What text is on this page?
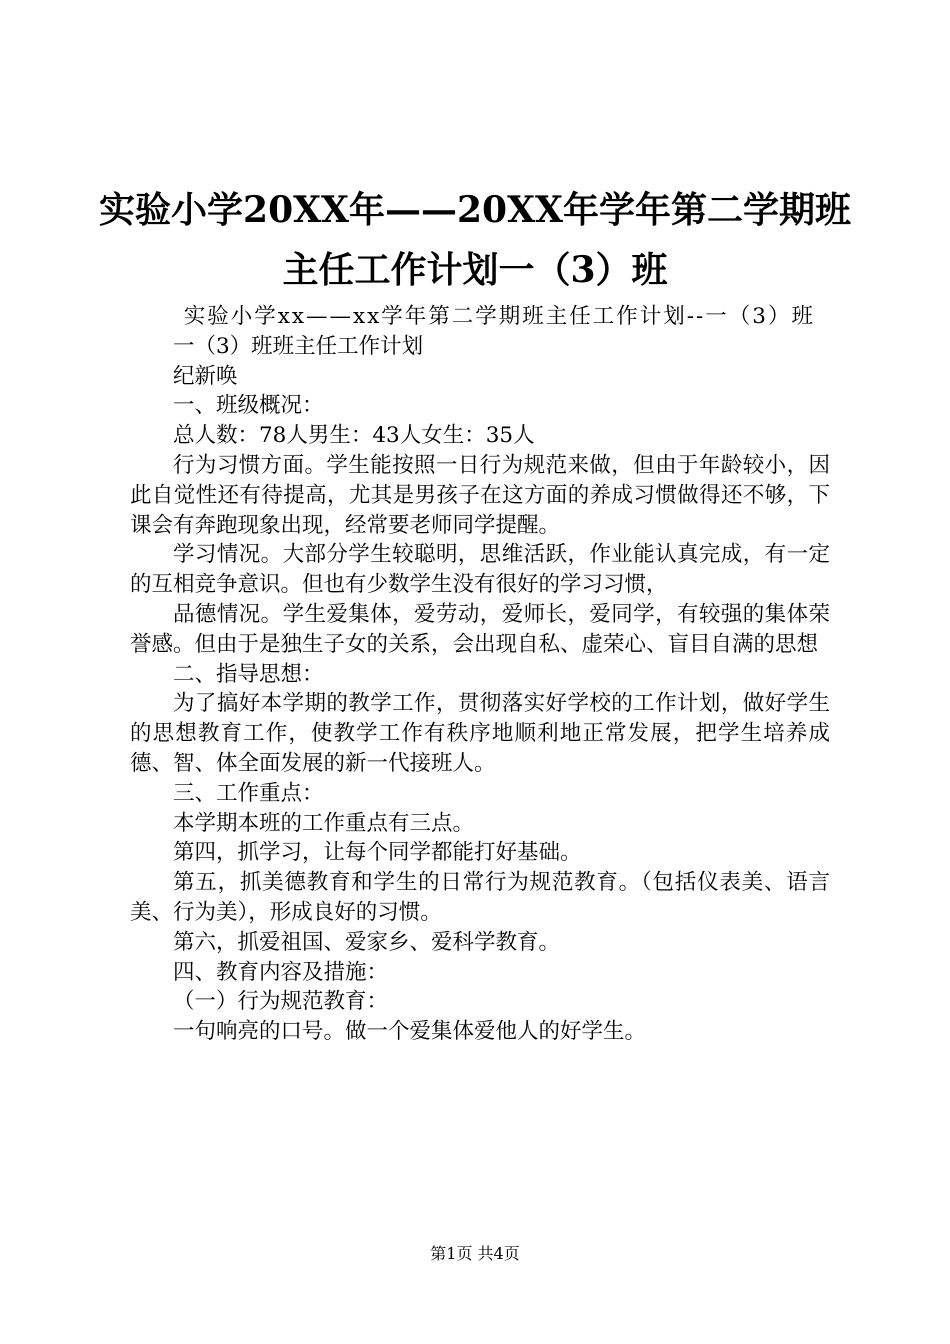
实验小学20XX年——20XX年学年第二学期班
主任工作计划一（3）班

实验小学xx——xx学年第二学期班主任工作计划--一（3）班

一（3）班班主任工作计划

纪新唤

一、班级概况：

总人数：78人男生：43人女生：35人

行为习惯方面。学生能按照一日行为规范来做，但由于年龄较小，因此自觉性还有待提高，尤其是男孩子在这方面的养成习惯做得还不够，下课会有奔跑现象出现，经常要老师同学提醒。

学习情况。大部分学生较聪明，思维活跃，作业能认真完成，有一定的互相竞争意识。但也有少数学生没有很好的学习习惯，

品德情况。学生爱集体，爱劳动，爱师长，爱同学，有较强的集体荣誉感。但由于是独生子女的关系，会出现自私、虚荣心、盲目自满的思想

二、指导思想：

为了搞好本学期的教学工作，贯彻落实好学校的工作计划，做好学生的思想教育工作，使教学工作有秩序地顺利地正常发展，把学生培养成德、智、体全面发展的新一代接班人。

三、工作重点：

本学期本班的工作重点有三点。

第四，抓学习，让每个同学都能打好基础。

第五，抓美德教育和学生的日常行为规范教育。（包括仪表美、语言美、行为美），形成良好的习惯。

第六，抓爱祖国、爱家乡、爱科学教育。

四、教育内容及措施：

（一）行为规范教育：

一句响亮的口号。做一个爱集体爱他人的好学生。

第1页 共4页
